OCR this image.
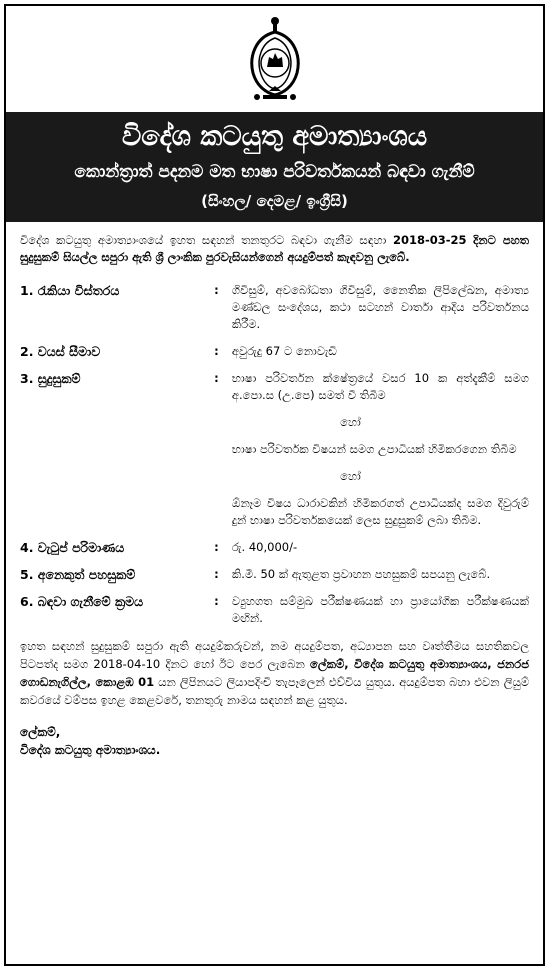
විදේශ කටයුතු අමාත්‍යාංශය
කොන්ත්‍රාත් පදනම මත භාෂා පරිවර්තකයන් බඳවා ගැනීම්
(සිංහල/ දෙමළ/ ඉංග්‍රීසි)
විදේශ කටයුතු අමාත්‍යාංශයේ ඉහත සඳහන් තනතුරට බඳවා ගැනීම සඳහා 2018-03-25 දිනට පහත සුදුසුකම් සියල්ල සපුරා ඇති ශ්‍රී ලාංකික පුරවැසියන්ගෙන් අයදුම්පත් කැඳවනු ලැබේ.
1. රැකියා විස්තරය	:	ගිවිසුම්, අවබෝධතා ගිවිසුම්, නෛතික ලිපිලේඛන, අමාත්‍ය මණ්ඩල සංදේශය, කථා සටහන් වාර්තා ආදිය පරිවර්තනය කිරීම.
2. වයස් සීමාව	:	අවුරුදු 67 ට නොවැඩි
3. සුදුසුකම්	:	භාෂා පරිවර්තන ක්ෂේත්‍රයේ වසර 10 ක අත්දැකීම් සමග අ.පො.ස (උ.පෙ) සමත් වී තිබීම

හෝ

භාෂා පරිවර්තක විෂයන් සමග උපාධියක් හිමිකරගෙන තිබීම

හෝ

ඕනෑම විෂය ධාරාවකින් හිමිකරගත් උපාධියක්ද සමග දිවුරුම් දුන් භාෂා පරිවර්තකයෙක් ලෙස සුදුසුකම් ලබා තිබීම.

4. වැටුප් පරිමාණය	:	රු. 40,000/-
5. අනෙකුත් පහසුකම්	:	කි.මී. 50 ක් ඇතුළත ප්‍රවාහන පහසුකම් සපයනු ලැබේ.
6. බඳවා ගැනීමේ ක්‍රමය	:	ව්‍යුහගත සම්මුඛ පරීක්ෂණයක් හා ප්‍රායෝගික පරීක්ෂණයක් මඟින්.
ඉහත සඳහන් සුදුසුකම් සපුරා ඇති අයදුම්කරුවන්, නම අයදුම්පත, අධ්‍යාපන සහ වෘත්තීමය සහතිකවල පිටපත්ද සමග 2018-04-10 දිනට හෝ ඊට පෙර ලැබෙන ලේකම්, විදේශ කටයුතු අමාත්‍යාංශය, ජනරජ ගොඩනැගිල්ල, කොළඹ 01 යන ලිපිනයට ලියාපදිංචි තැපෑලෙන් එව්විය යුතුය. අයදුම්පත බහා එවන ලියුම් කවරයේ වම්පස ඉහළ කෙළවරේ, තනතුරු නාමය සඳහන් කළ යුතුය.
ලේකම්,
විදේශ කටයුතු අමාත්‍යාංශය.
